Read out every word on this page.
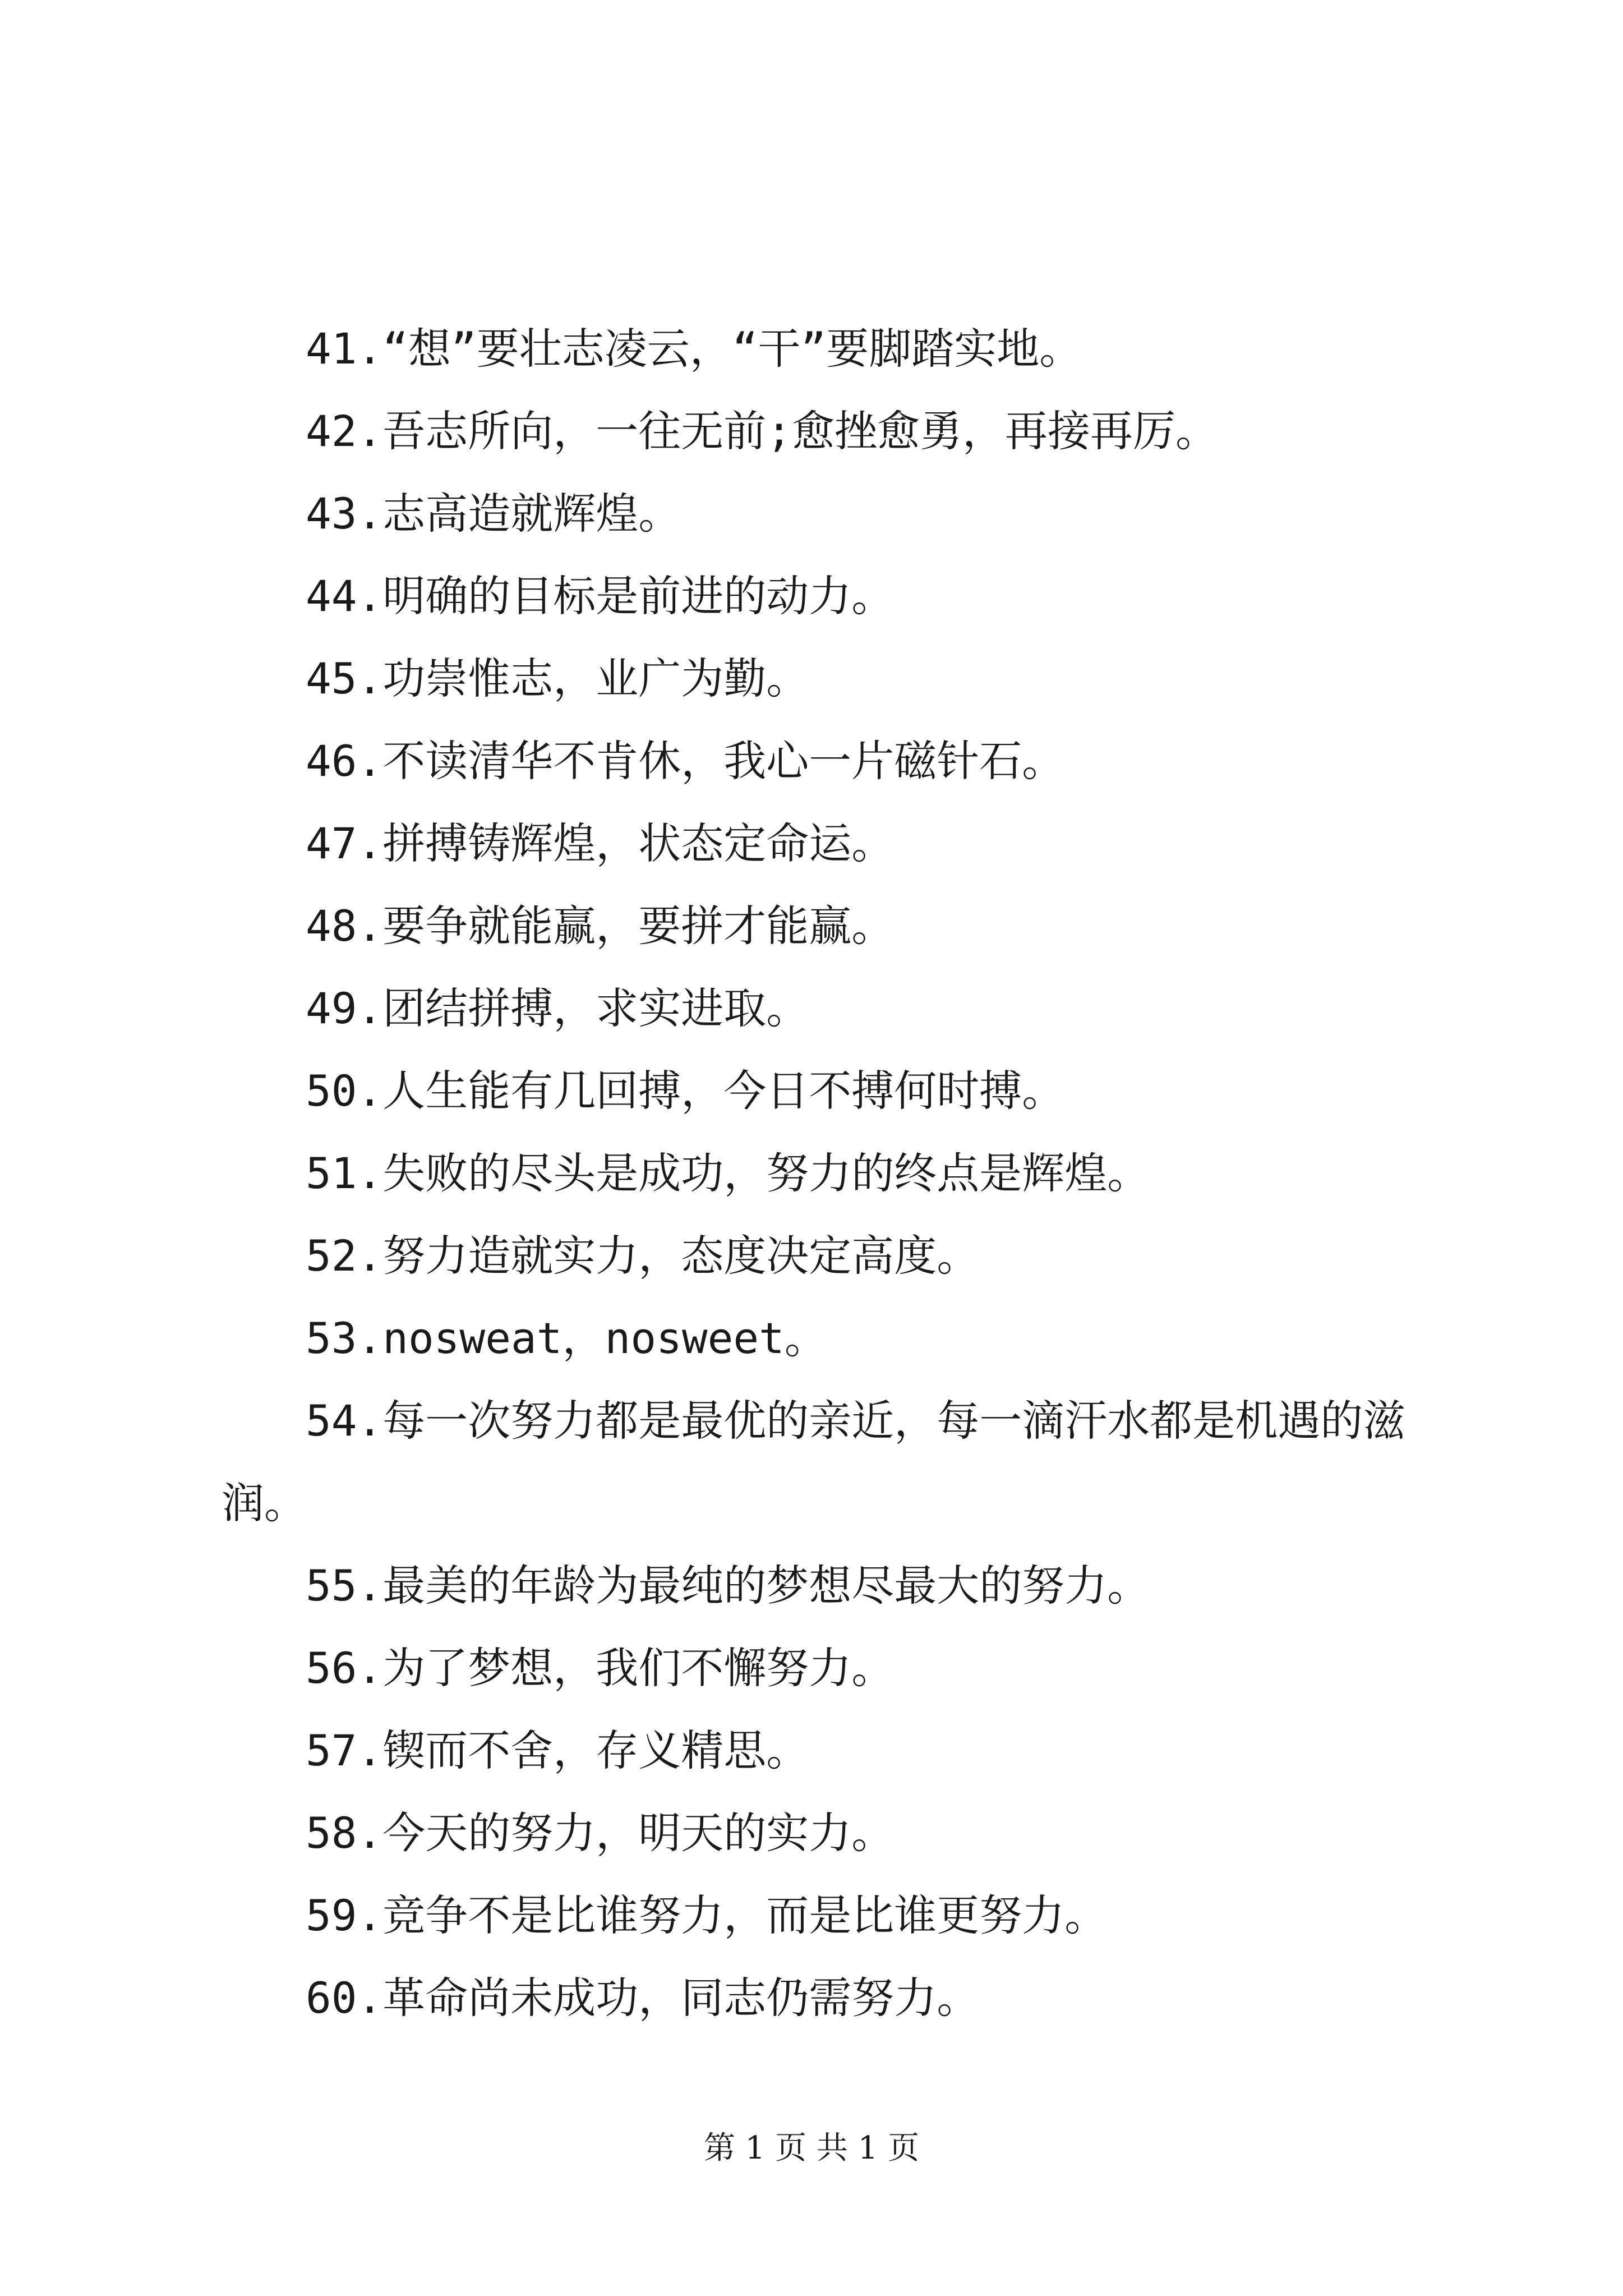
41.“想”要壮志凌云，“干”要脚踏实地。

42.吾志所向，一往无前;愈挫愈勇，再接再厉。

43.志高造就辉煌。

44.明确的目标是前进的动力。

45.功崇惟志，业广为勤。

46.不读清华不肯休，我心一片磁针石。

47.拼搏铸辉煌，状态定命运。

48.要争就能赢，要拼才能赢。

49.团结拼搏，求实进取。

50.人生能有几回搏，今日不搏何时搏。

51.失败的尽头是成功，努力的终点是辉煌。

52.努力造就实力，态度决定高度。

53.nosweat，nosweet。

54.每一次努力都是最优的亲近，每一滴汗水都是机遇的滋润。

55.最美的年龄为最纯的梦想尽最大的努力。

56.为了梦想，我们不懈努力。

57.锲而不舍，存义精思。

58.今天的努力，明天的实力。

59.竞争不是比谁努力，而是比谁更努力。

60.革命尚未成功，同志仍需努力。

第 1 页 共 1 页
